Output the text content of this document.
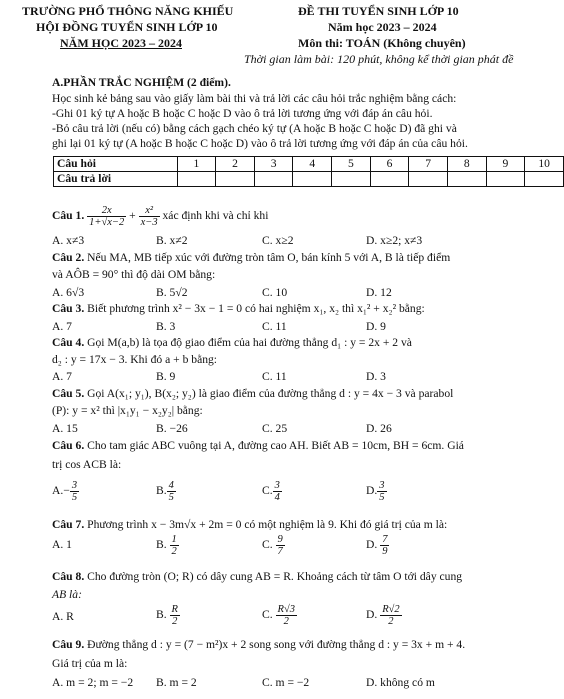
TRƯỜNG PHỔ THÔNG NĂNG KHIẾU
HỘI ĐỒNG TUYỂN SINH LỚP 10
NĂM HỌC 2023 – 2024
ĐỀ THI TUYỂN SINH LỚP 10
Năm học 2023 – 2024
Môn thi: TOÁN (Không chuyên)
Thời gian làm bài: 120 phút, không kể thời gian phát đề
A.PHẦN TRẮC NGHIỆM (2 điểm).
Học sinh kẻ bảng sau vào giấy làm bài thi và trả lời các câu hỏi trắc nghiệm bằng cách:
-Ghi 01 ký tự A hoặc B hoặc C hoặc D vào ô trả lời tương ứng với đáp án câu hỏi.
-Bỏ câu trả lời (nếu có) bằng cách gạch chéo ký tự (A hoặc B hoặc C hoặc D) đã ghi và
ghi lại 01 ký tự (A hoặc B hoặc C hoặc D) vào ô trả lời tương ứng với đáp án của câu hỏi.
Câu hỏi	1	2	3	4	5	6	7	8	9	10
Câu trả lời										
Câu 1. $\frac{2x}{1+√x-2} + \frac{\text{x²}}{x-3}$ xác định khi và chỉ khi
A. x≠3	B. x≠2	C. x≥2	D. x≥2; x≠3
Câu 2. Nếu MA, MB tiếp xúc với đường tròn tâm O, bán kính 5 với A, B là tiếp điểm
và AÔB = 90° thì độ dài OM bằng:
A. 6√3	B. 5√2	C. 10	D. 12
Câu 3. Biết phương trình x² − 3x − 1 = 0 có hai nghiệm x₁, x₂ thì x₁² + x₂² bằng:
A. 7	B. 3	C. 11	D. 9
Câu 4. Gọi M(a,b) là tọa độ giao điểm của hai đường thẳng d₁ : y = 2x + 2 và
d₂ : y = 17x − 3. Khi đó a + b bằng:
A. 7	B. 9	C. 11	D. 3
Câu 5. Gọi A(x₁; y₁), B(x₂; y₂) là giao điểm của đường thẳng d : y = 4x − 3 và parabol
(P): y = x² thì |x₁y₁ − x₂y₂| bằng:
A. 15	B. −26	C. 25	D. 26
Câu 6. Cho tam giác ABC vuông tại A, đường cao AH. Biết AB = 10cm, BH = 6cm. Giá
trị cos ACB là:
$A.- \frac{3}{5}$	B. $\frac{4}{5}$	C. $\frac{3}{4}$	D. $\frac{3}{5}$
Câu 7. Phương trình x − 3m√x + 2m = 0 có một nghiệm là 9. Khi đó giá trị của m là:
A. 1	B. $\frac{1}{2}$	C. $\frac{9}{7}$	D. $\frac{7}{9}$
Câu 8. Cho đường tròn (O; R) có dây cung AB = R. Khoảng cách từ tâm O tới dây cung
AB là:
A. R	B. $\frac{R}{2}$	C. $\frac{R√3}{2}$	D. $\frac{R√2}{2}$
Câu 9. Đường thẳng d : y = (7 − m²)x + 2 song song với đường thẳng d : y = 3x + m + 4.
Giá trị của m là:
A. m = 2; m = −2 B. m = 2	C. m = −2	D. không có m
